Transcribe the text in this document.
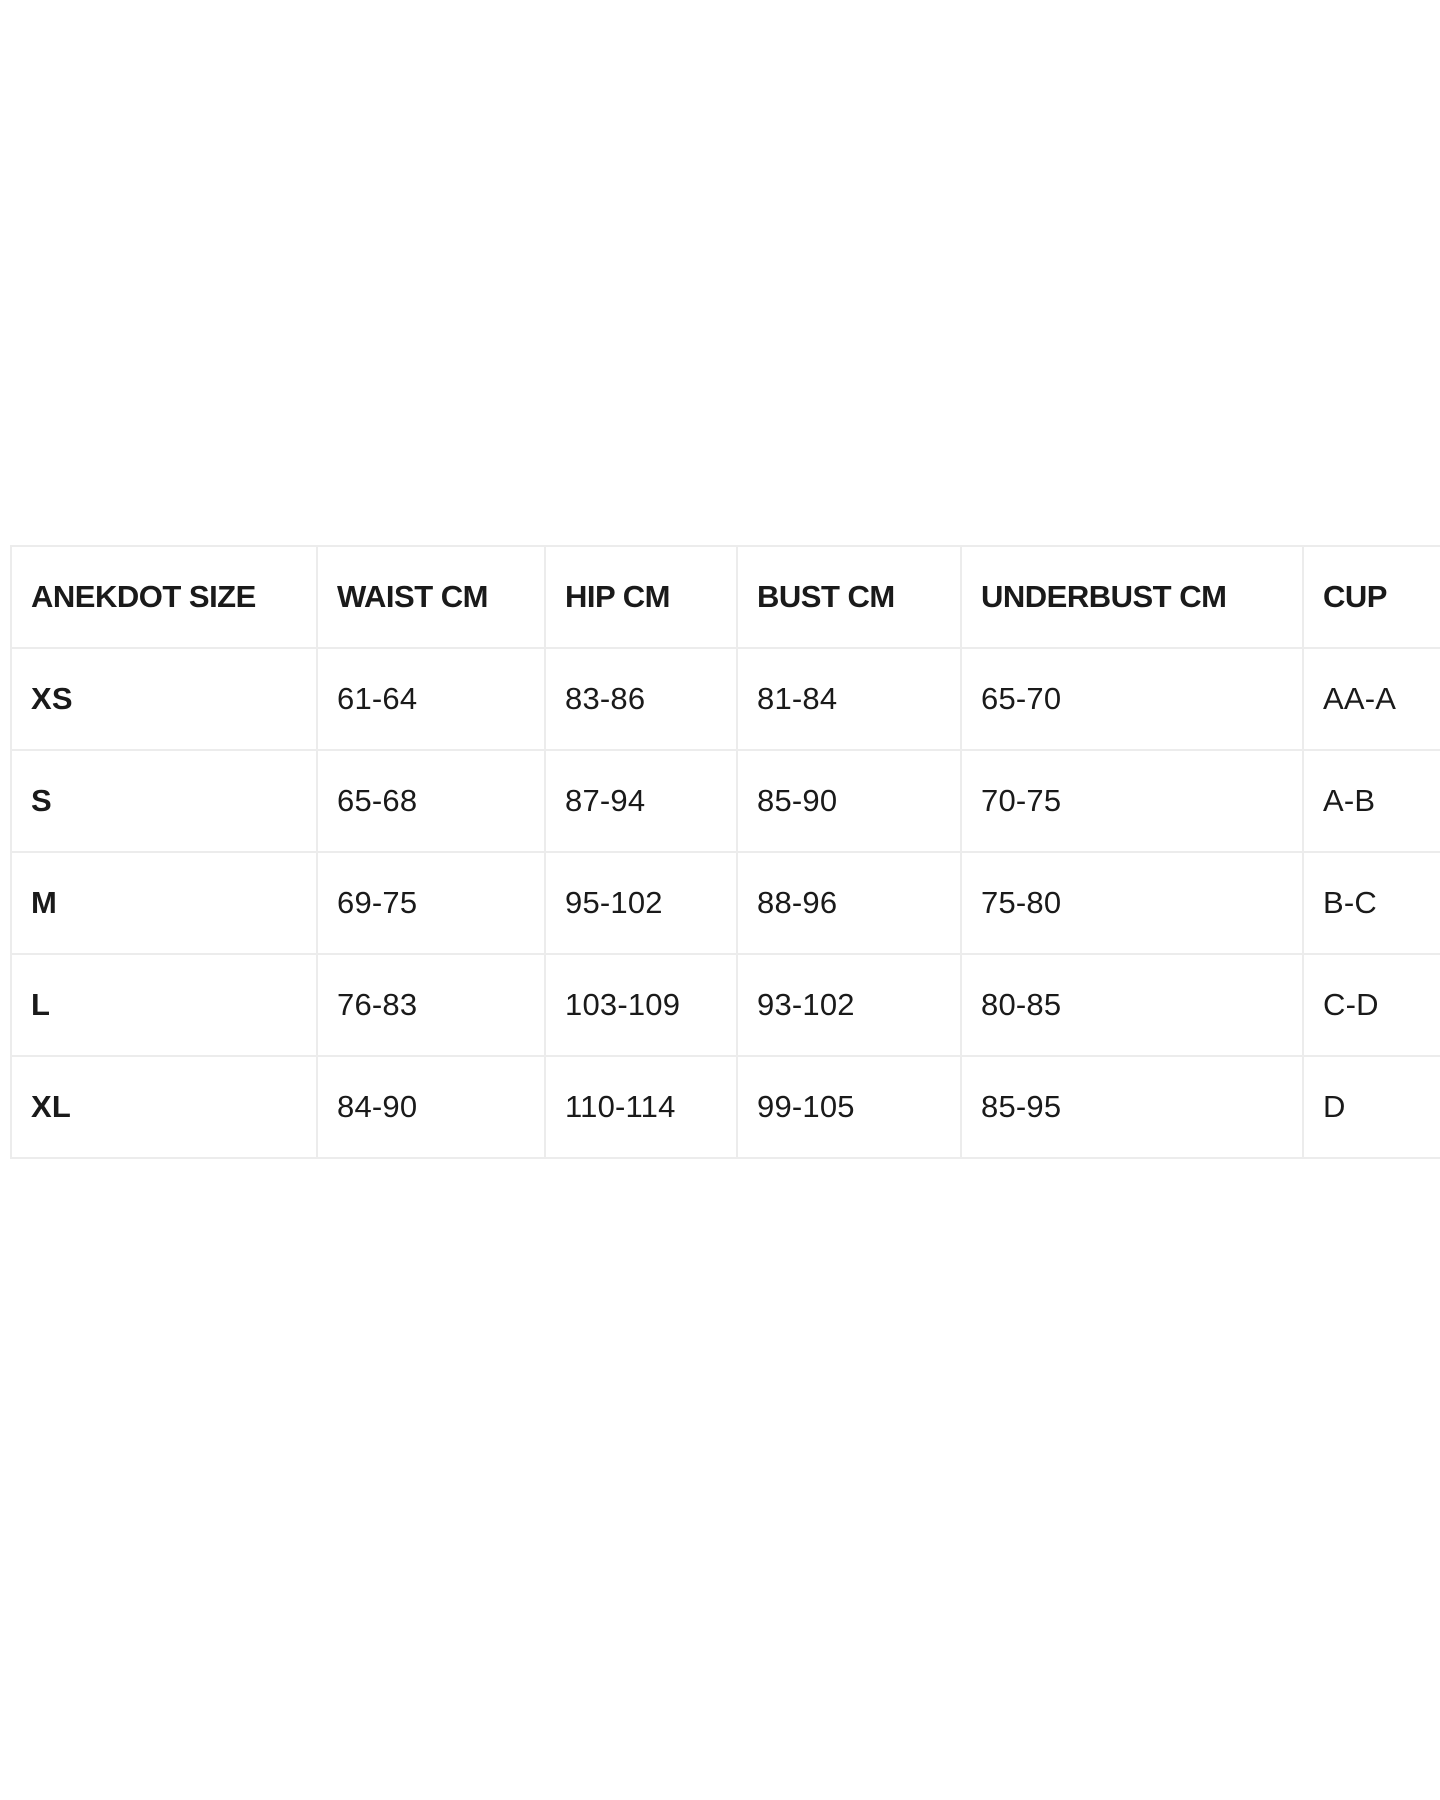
ANEKDOT SIZE	WAIST CM	HIP CM	BUST CM	UNDERBUST CM	CUP
XS	61-64	83-86	81-84	65-70	AA-A
S	65-68	87-94	85-90	70-75	A-B
M	69-75	95-102	88-96	75-80	B-C
L	76-83	103-109	93-102	80-85	C-D
XL	84-90	110-114	99-105	85-95	D
